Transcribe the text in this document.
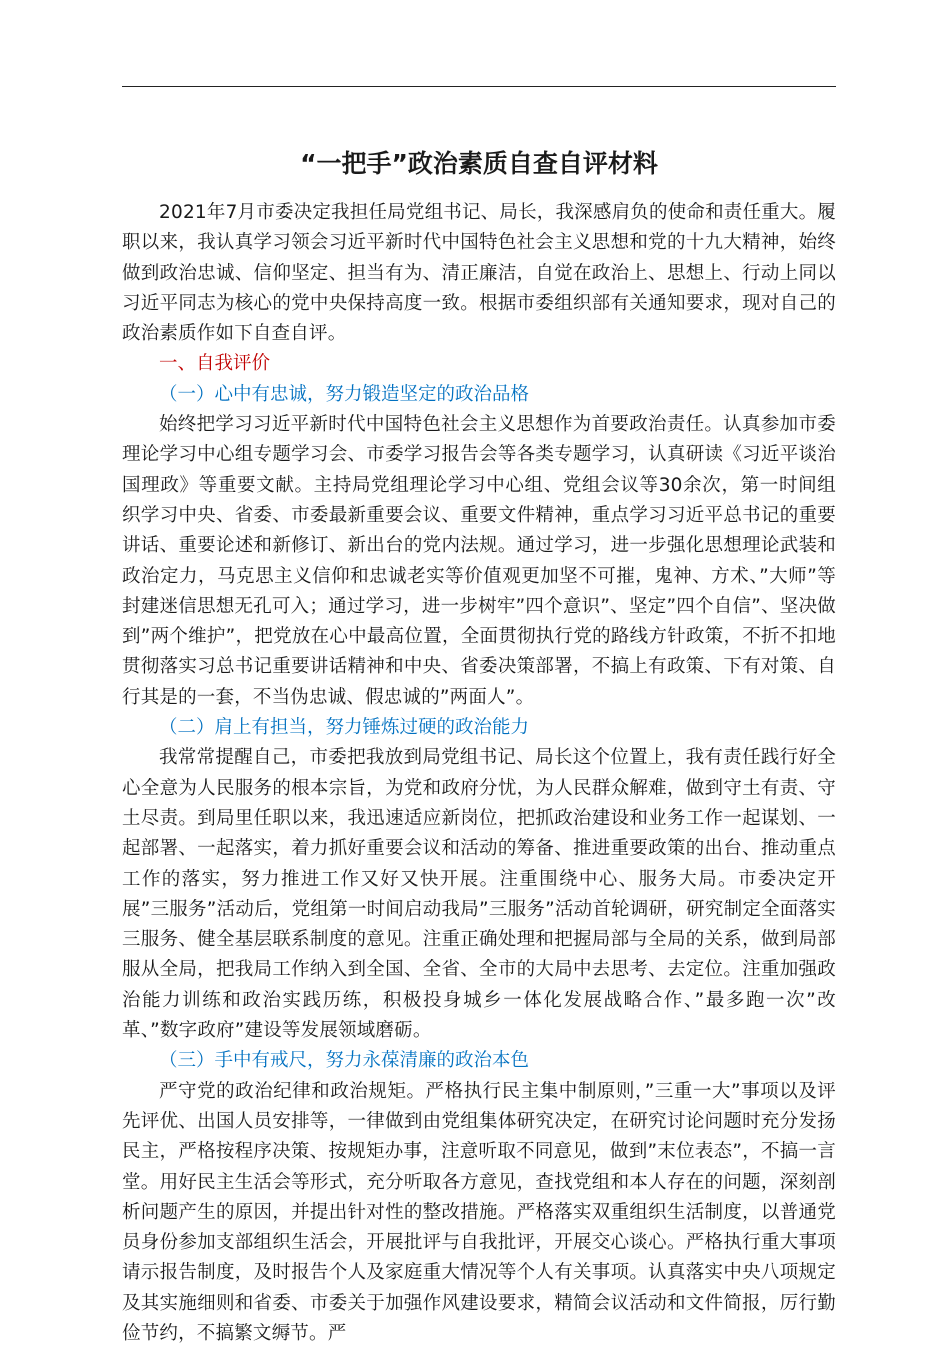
“一把手”政治素质自查自评材料

2021年7月市委决定我担任局党组书记、局长，我深感肩负的使命和责任重大。履职以来，我认真学习领会习近平新时代中国特色社会主义思想和党的十九大精神，始终做到政治忠诚、信仰坚定、担当有为、清正廉洁，自觉在政治上、思想上、行动上同以习近平同志为核心的党中央保持高度一致。根据市委组织部有关通知要求，现对自己的政治素质作如下自查自评。

一、自我评价

（一）心中有忠诚，努力锻造坚定的政治品格

始终把学习习近平新时代中国特色社会主义思想作为首要政治责任。认真参加市委理论学习中心组专题学习会、市委学习报告会等各类专题学习，认真研读《习近平谈治国理政》等重要文献。主持局党组理论学习中心组、党组会议等30余次，第一时间组织学习中央、省委、市委最新重要会议、重要文件精神，重点学习习近平总书记的重要讲话、重要论述和新修订、新出台的党内法规。通过学习，进一步强化思想理论武装和政治定力，马克思主义信仰和忠诚老实等价值观更加坚不可摧，鬼神、方术、”大师”等封建迷信思想无孔可入；通过学习，进一步树牢”四个意识”、坚定”四个自信”、坚决做到”两个维护”，把党放在心中最高位置，全面贯彻执行党的路线方针政策，不折不扣地贯彻落实习总书记重要讲话精神和中央、省委决策部署，不搞上有政策、下有对策、自行其是的一套，不当伪忠诚、假忠诚的”两面人”。

（二）肩上有担当，努力锤炼过硬的政治能力

我常常提醒自己，市委把我放到局党组书记、局长这个位置上，我有责任践行好全心全意为人民服务的根本宗旨，为党和政府分忧，为人民群众解难，做到守土有责、守土尽责。到局里任职以来，我迅速适应新岗位，把抓政治建设和业务工作一起谋划、一起部署、一起落实，着力抓好重要会议和活动的筹备、推进重要政策的出台、推动重点工作的落实，努力推进工作又好又快开展。注重围绕中心、服务大局。市委决定开展”三服务”活动后，党组第一时间启动我局”三服务”活动首轮调研，研究制定全面落实三服务、健全基层联系制度的意见。注重正确处理和把握局部与全局的关系，做到局部服从全局，把我局工作纳入到全国、全省、全市的大局中去思考、去定位。注重加强政治能力训练和政治实践历练，积极投身城乡一体化发展战略合作、”最多跑一次”改革、”数字政府”建设等发展领域磨砺。

（三）手中有戒尺，努力永葆清廉的政治本色

严守党的政治纪律和政治规矩。严格执行民主集中制原则，”三重一大”事项以及评先评优、出国人员安排等，一律做到由党组集体研究决定，在研究讨论问题时充分发扬民主，严格按程序决策、按规矩办事，注意听取不同意见，做到”末位表态”，不搞一言堂。用好民主生活会等形式，充分听取各方意见，查找党组和本人存在的问题，深刻剖析问题产生的原因，并提出针对性的整改措施。严格落实双重组织生活制度，以普通党员身份参加支部组织生活会，开展批评与自我批评，开展交心谈心。严格执行重大事项请示报告制度，及时报告个人及家庭重大情况等个人有关事项。认真落实中央八项规定及其实施细则和省委、市委关于加强作风建设要求，精简会议活动和文件简报，厉行勤俭节约，不搞繁文缛节。严
